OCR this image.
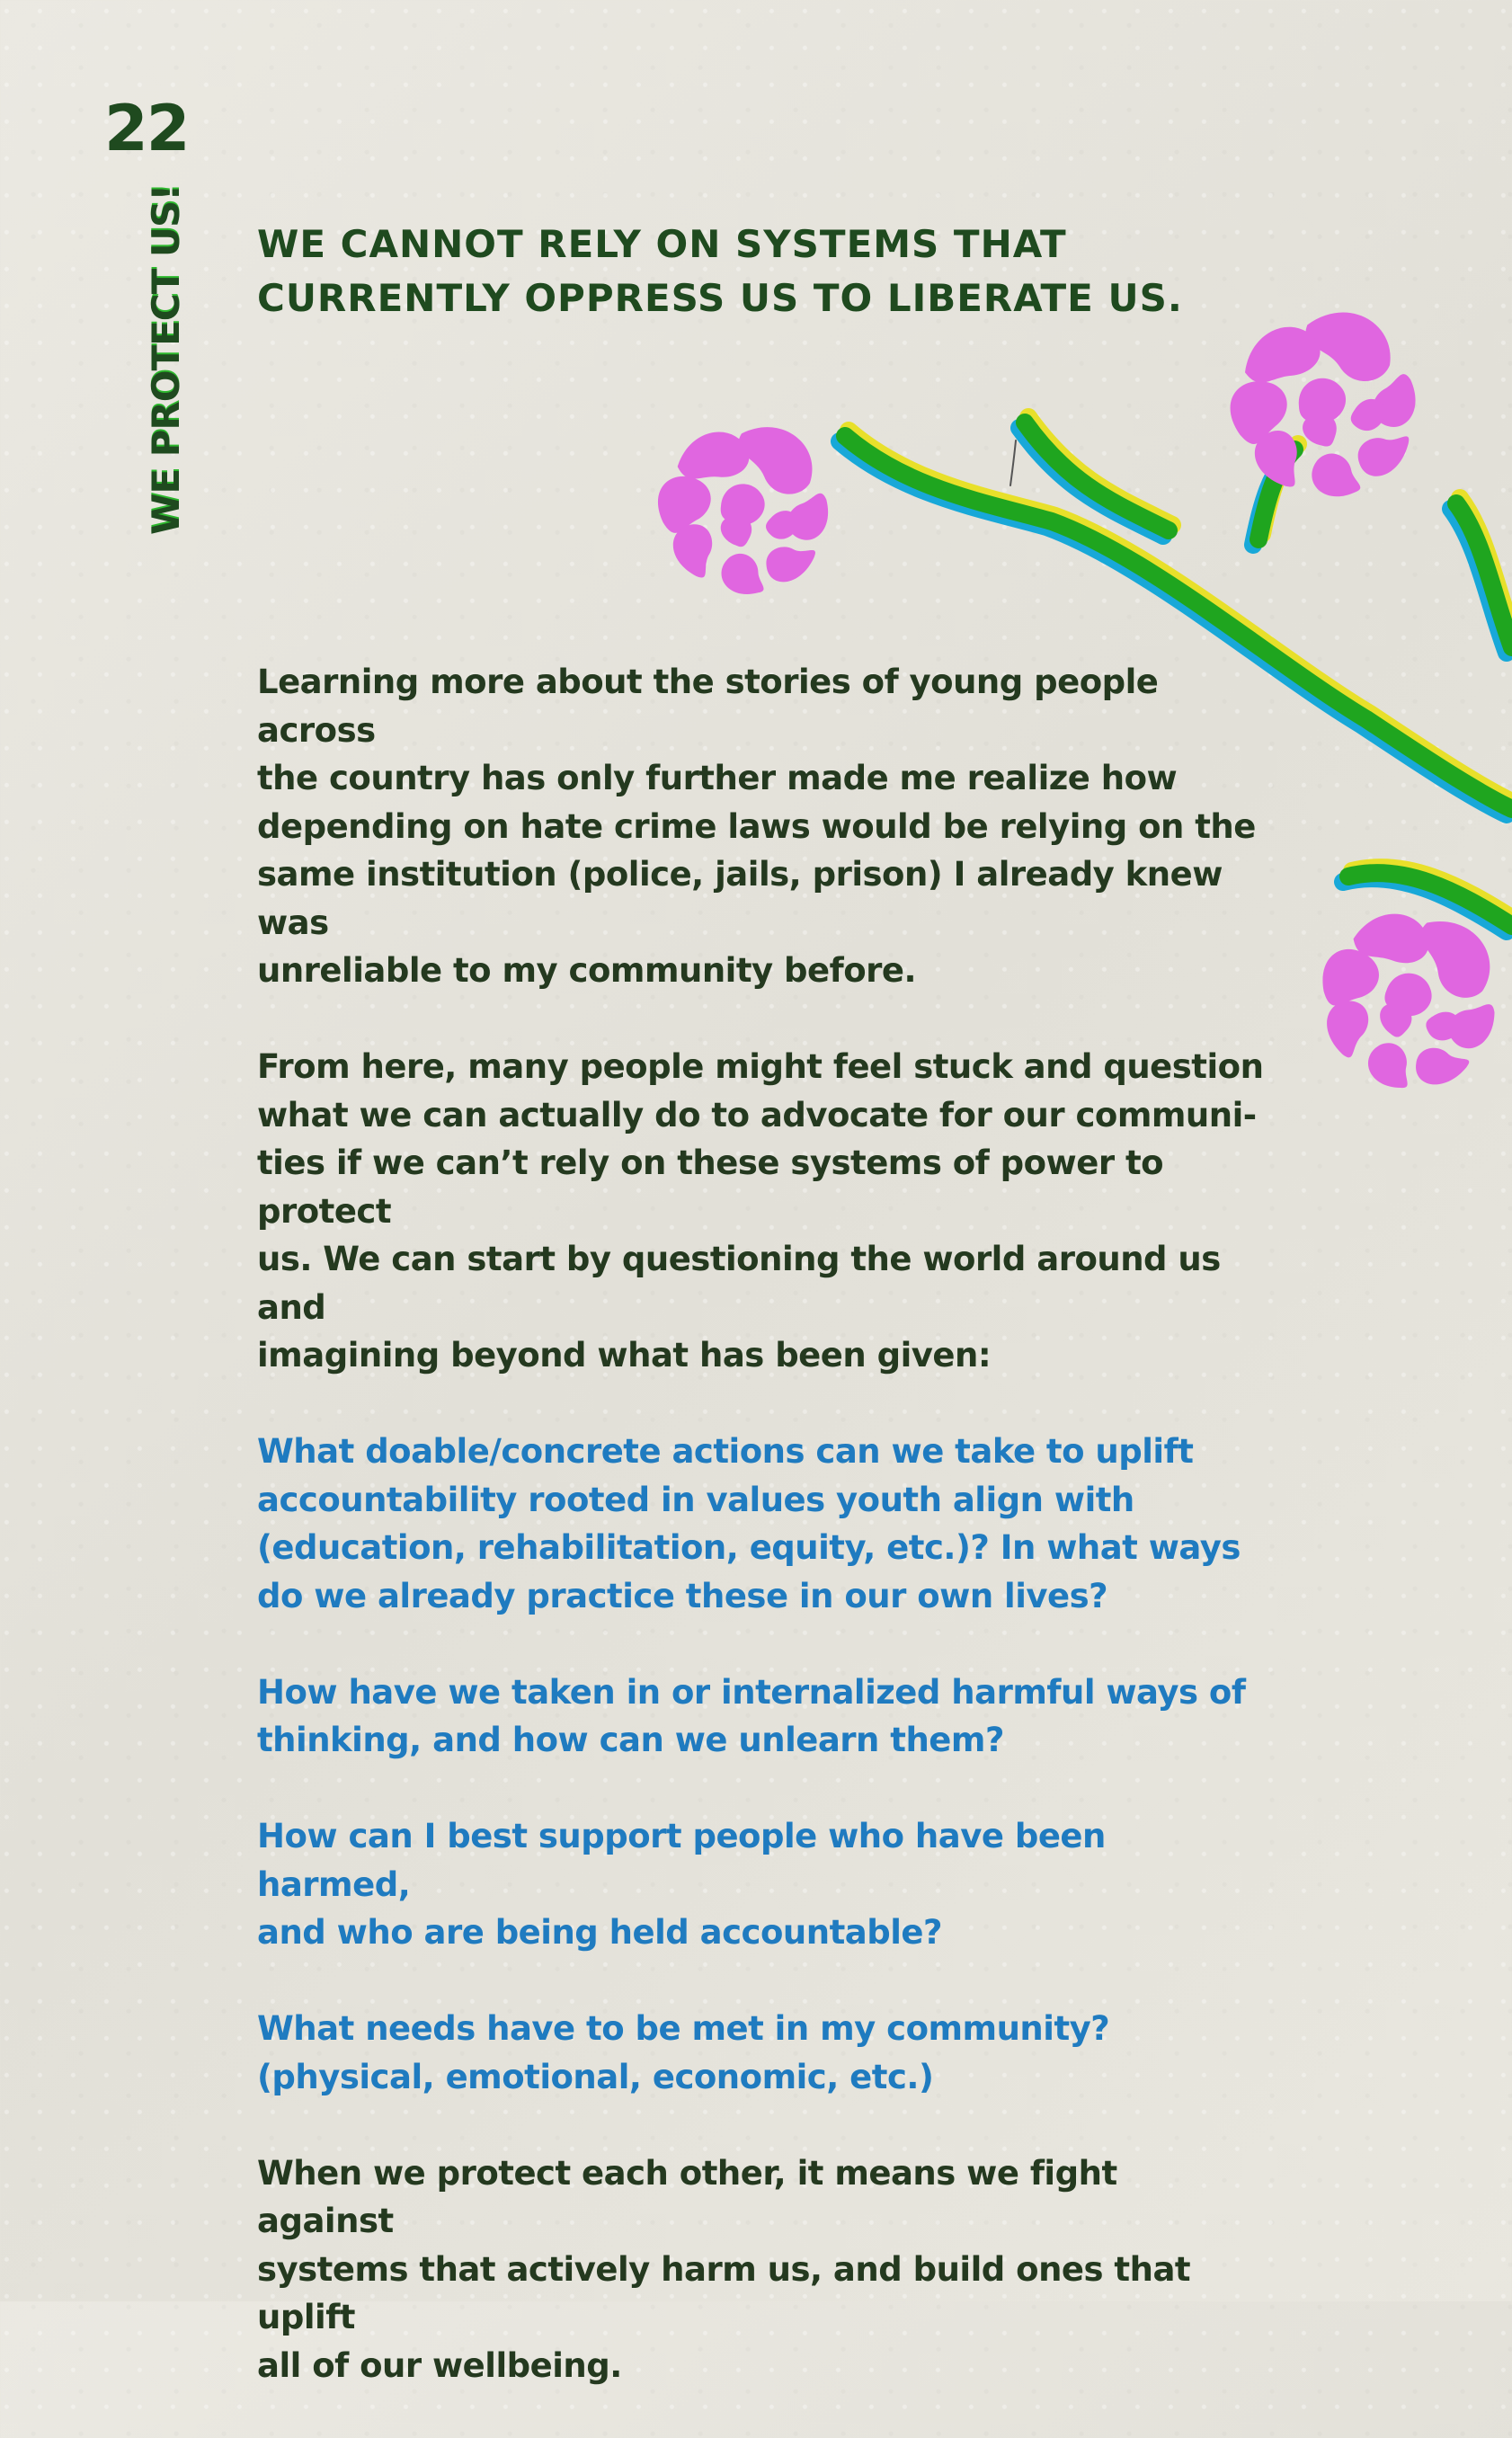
22
WE PROTECT US! WE CANNOT RELY ON SYSTEMS THAT
CURRENTLY OPPRESS US TO LIBERATE US.

Learning more about the stories of young people across
the country has only further made me realize how
depending on hate crime laws would be relying on the
same institution (police, jails, prison) I already knew was
unreliable to my community before.

From here, many people might feel stuck and question
what we can actually do to advocate for our communi-
ties if we can’t rely on these systems of power to protect
us. We can start by questioning the world around us and
imagining beyond what has been given:

What doable/concrete actions can we take to uplift
accountability rooted in values youth align with
(education, rehabilitation, equity, etc.)? In what ways
do we already practice these in our own lives?

How have we taken in or internalized harmful ways of
thinking, and how can we unlearn them?

How can I best support people who have been harmed,
and who are being held accountable?

What needs have to be met in my community?
(physical, emotional, economic, etc.)

When we protect each other, it means we fight against
systems that actively harm us, and build ones that uplift
all of our wellbeing.
